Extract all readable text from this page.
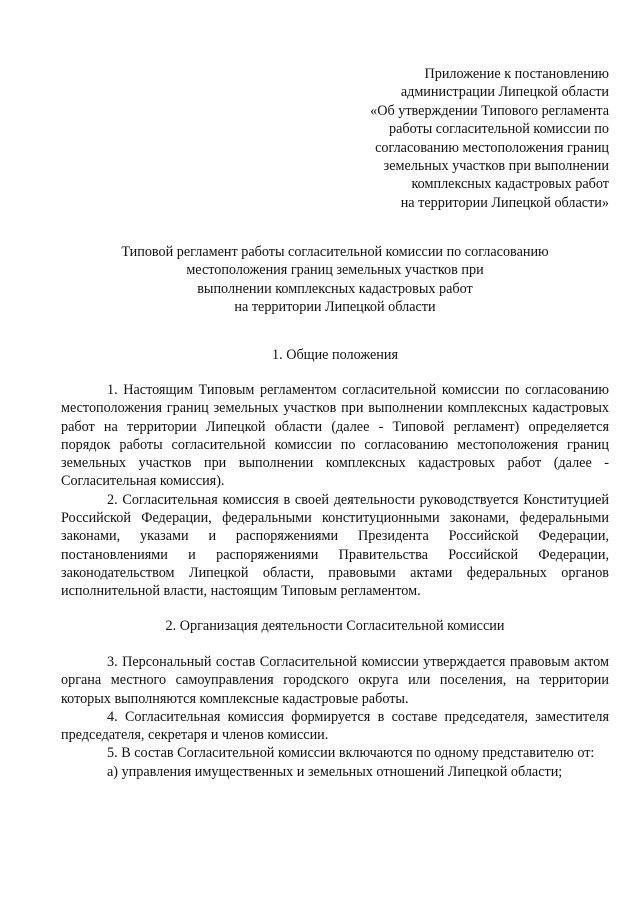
Приложение к постановлению
администрации Липецкой области
«Об утверждении Типового регламента
работы согласительной комиссии по
согласованию местоположения границ
земельных участков при выполнении
комплексных кадастровых работ
на территории Липецкой области»
Типовой регламент работы согласительной комиссии по согласованию
местоположения границ земельных участков при
выполнении комплексных кадастровых работ
на территории Липецкой области
1. Общие положения

1. Настоящим Типовым регламентом согласительной комиссии по согласованию местоположения границ земельных участков при выполнении комплексных кадастровых работ на территории Липецкой области (далее - Типовой регламент) определяется порядок работы согласительной комиссии по согласованию местоположения границ земельных участков при выполнении комплексных кадастровых работ (далее - Согласительная комиссия).

2. Согласительная комиссия в своей деятельности руководствуется Конституцией Российской Федерации, федеральными конституционными законами, федеральными законами, указами и распоряжениями Президента Российской Федерации, постановлениями и распоряжениями Правительства Российской Федерации, законодательством Липецкой области, правовыми актами федеральных органов исполнительной власти, настоящим Типовым регламентом.

2. Организация деятельности Согласительной комиссии

3. Персональный состав Согласительной комиссии утверждается правовым актом органа местного самоуправления городского округа или поселения, на территории которых выполняются комплексные кадастровые работы.

4. Согласительная комиссия формируется в составе председателя, заместителя председателя, секретаря и членов комиссии.

5. В состав Согласительной комиссии включаются по одному представителю от:

а) управления имущественных и земельных отношений Липецкой области;
